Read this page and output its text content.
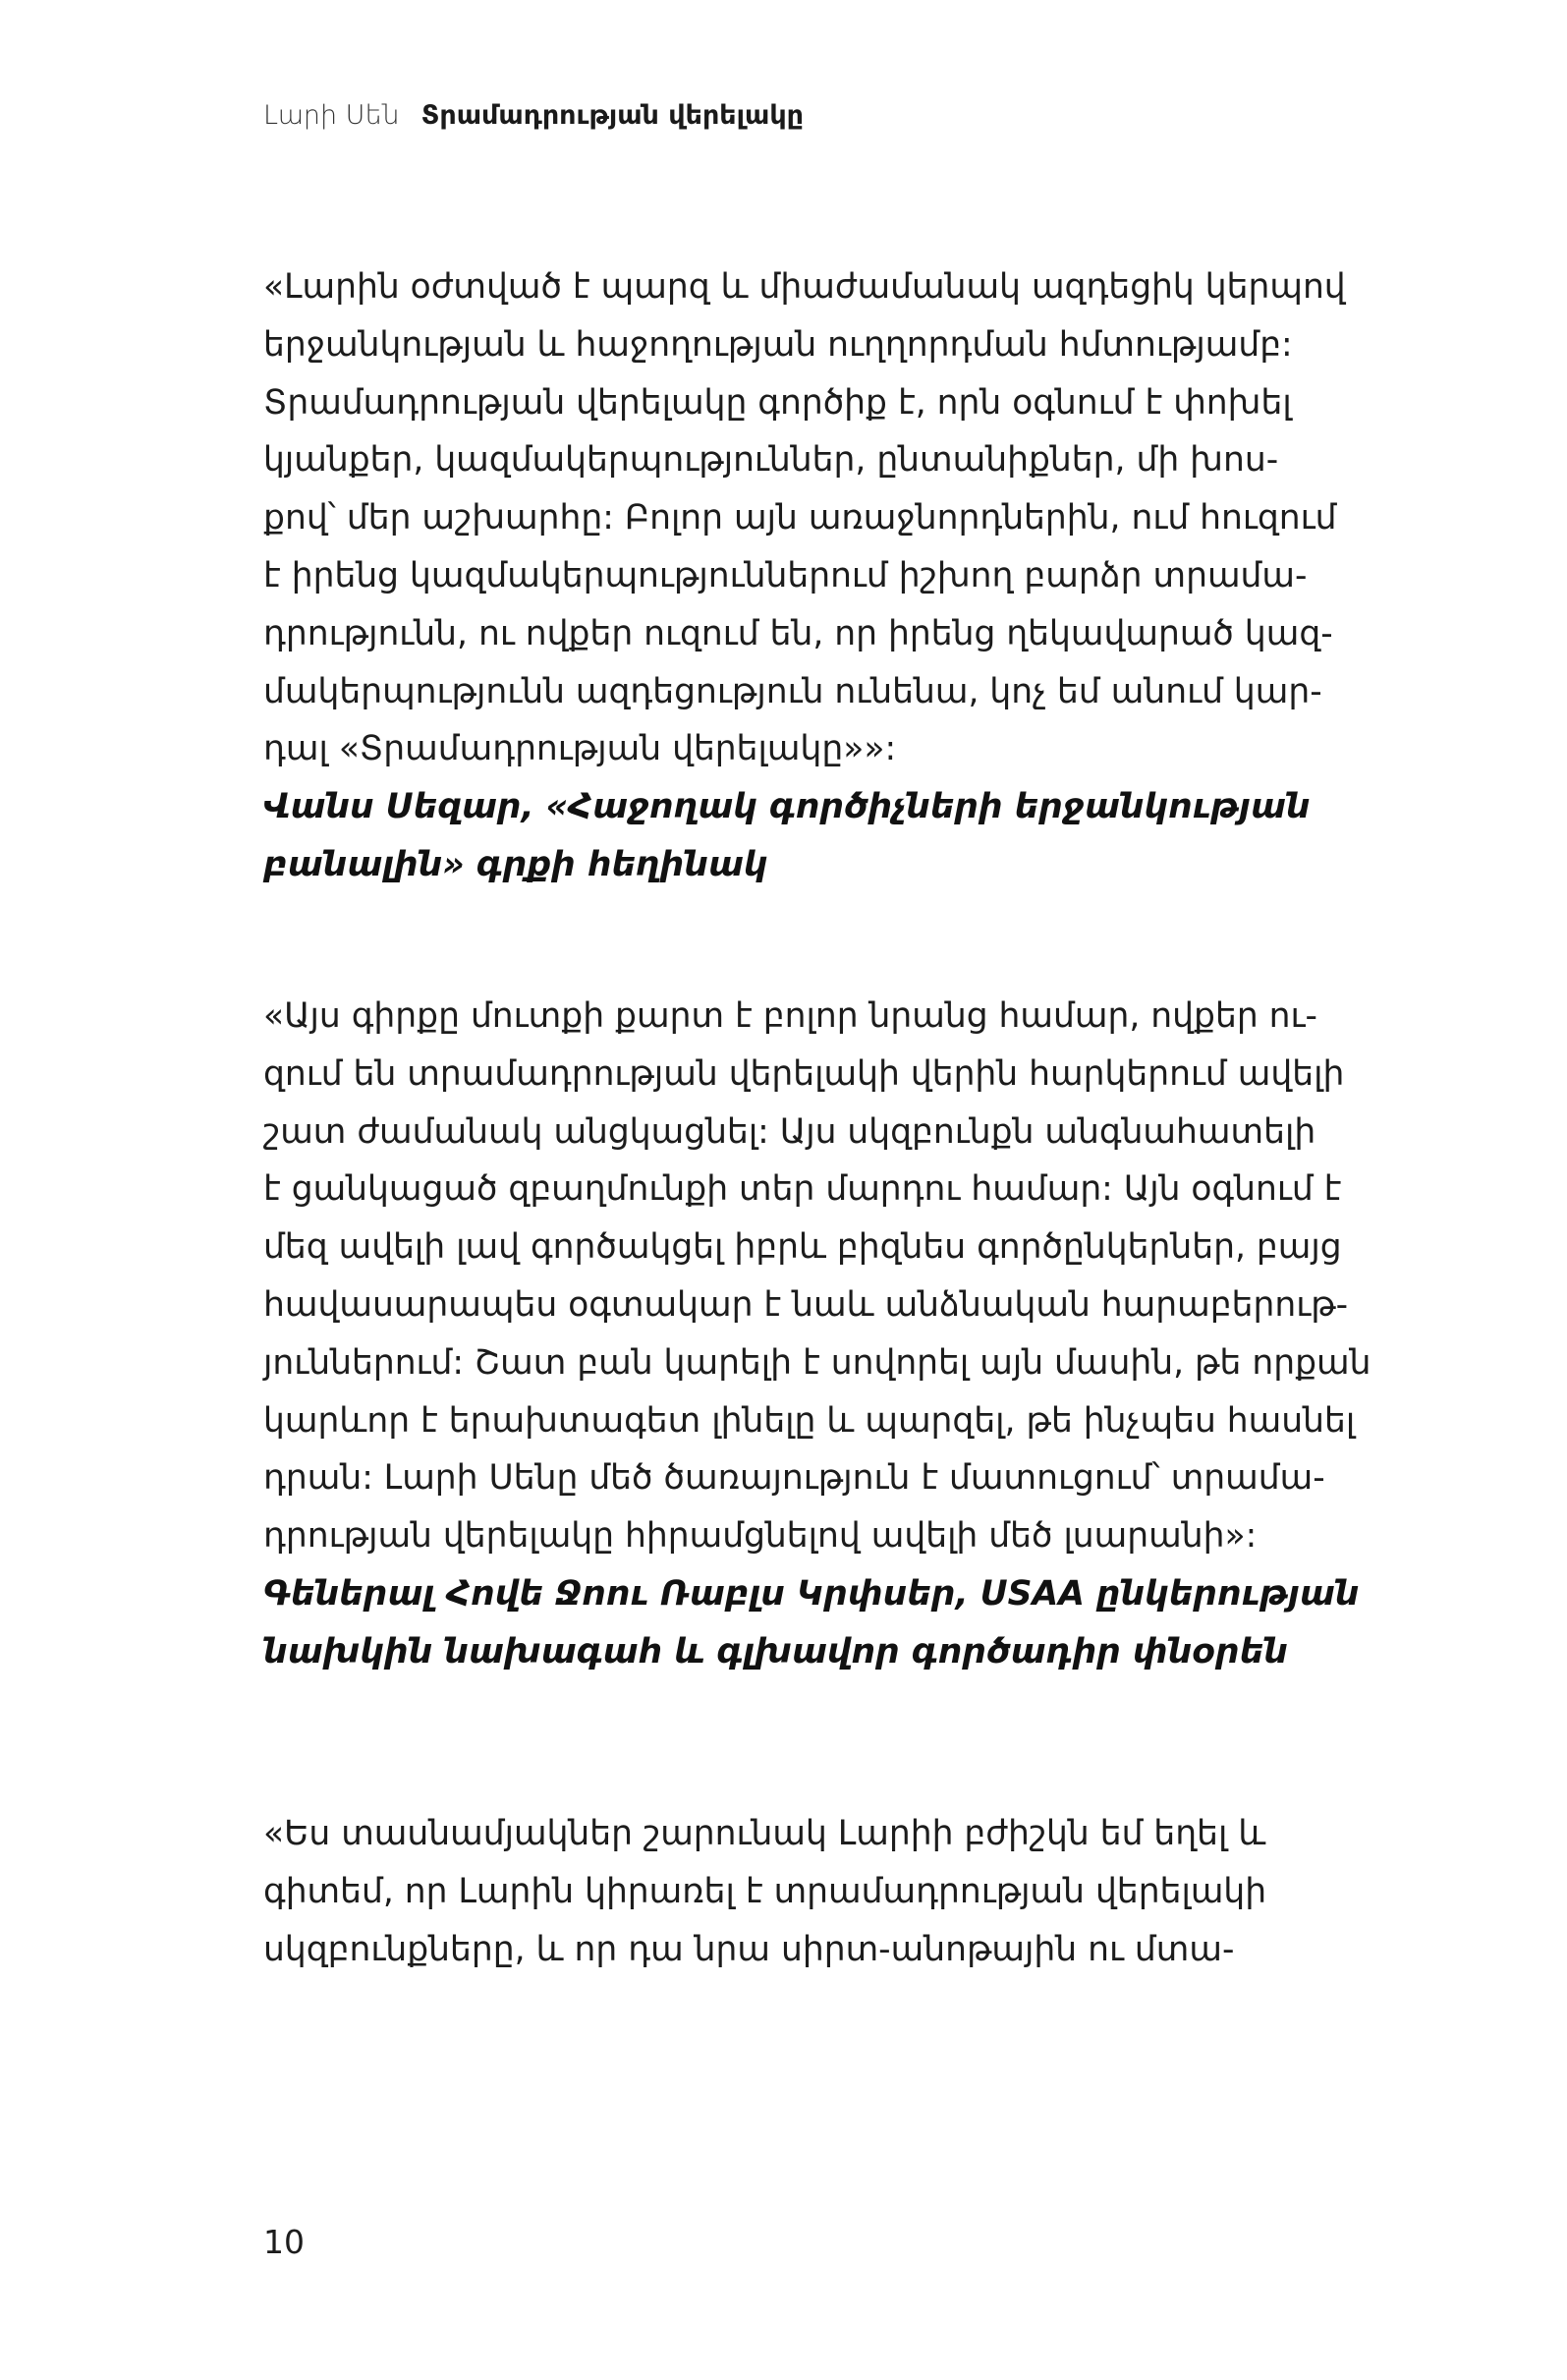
Լարի Սեն Տրամադրության վերելակը
«Լարին օժտված է պարզ և միաժամանակ ազդեցիկ կերպով
երջանկության և հաջողության ուղղորդման հմտությամբ:
Տրամադրության վերելակը գործիք է, որն օգնում է փոխել
կյանքեր, կազմակերպություններ, ընտանիքներ, մի խոս-
քով՝ մեր աշխարհը: Բոլոր այն առաջնորդներին, ում հուզում
է իրենց կազմակերպություններում իշխող բարձր տրամա-
դրությունն, ու ովքեր ուզում են, որ իրենց ղեկավարած կազ-
մակերպությունն ազդեցություն ունենա, կոչ եմ անում կար-
դալ «Տրամադրության վերելակը»»:
Վանս Սեզար, «Հաջողակ գործիչների երջանկության
բանալին» գրքի հեղինակ
«Այս գիրքը մուտքի քարտ է բոլոր նրանց համար, ովքեր ու-
զում են տրամադրության վերելակի վերին հարկերում ավելի
շատ ժամանակ անցկացնել: Այս սկզբունքն անգնահատելի
է ցանկացած զբաղմունքի տեր մարդու համար: Այն օգնում է
մեզ ավելի լավ գործակցել իբրև բիզնես գործընկերներ, բայց
հավասարապես օգտակար է նաև անձնական հարաբերութ-
յուններում: Շատ բան կարելի է սովորել այն մասին, թե որքան
կարևոր է երախտագետ լինելը և պարզել, թե ինչպես հասնել
դրան: Լարի Սենը մեծ ծառայություն է մատուցում՝ տրամա-
դրության վերելակը հիրամցնելով ավելի մեծ լսարանի»:
Գեներալ Հովե Ջոու Ռաբլս Կրփսեր, USAA ընկերության
նախկին նախագահ և գլխավոր գործադիր փնօրեն
«Ես տասնամյակներ շարունակ Լարիի բժիշկն եմ եղել և
գիտեմ, որ Լարին կիրառել է տրամադրության վերելակի
սկզբունքները, և որ դա նրա սիրտ-անոթային ու մտա-
10
